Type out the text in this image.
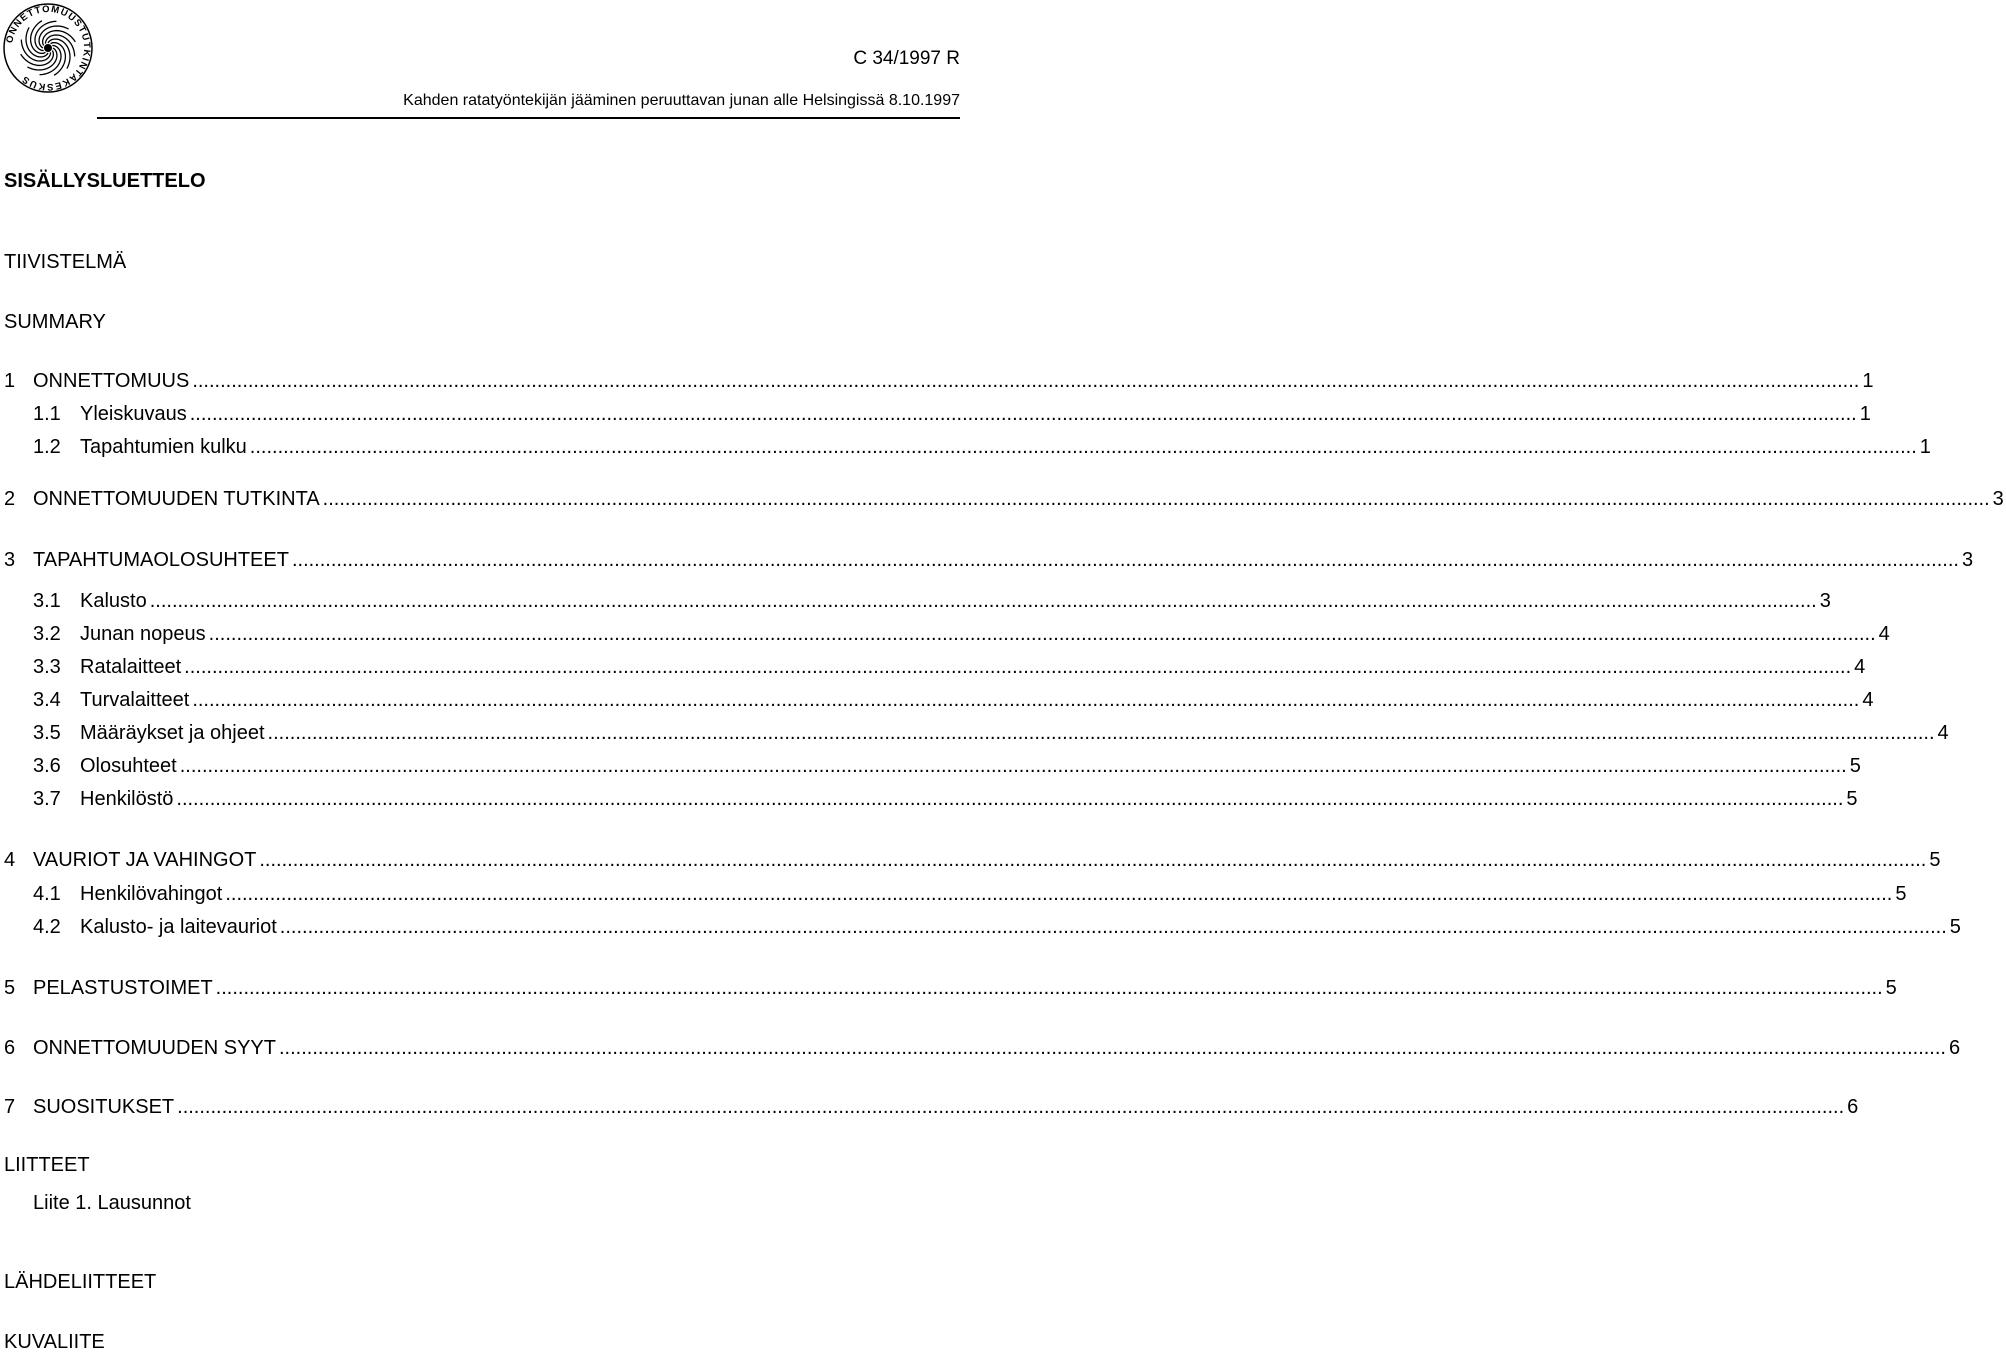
ONNETTOMUUSTUTKINTAKESKUS
C 34/1997 R
Kahden ratatyöntekijän jääminen peruuttavan junan alle Helsingissä 8.10.1997
SISÄLLYSLUETTELO
TIIVISTELMÄ
SUMMARY
1 ONNETTOMUUS ............................................................................................................................................................................................................................................................................................................ 1
1.1 Yleiskuvaus ............................................................................................................................................................................................................................................................................................................ 1
1.2 Tapahtumien kulku ............................................................................................................................................................................................................................................................................................................ 1
2 ONNETTOMUUDEN TUTKINTA ............................................................................................................................................................................................................................................................................................................ 3
3 TAPAHTUMAOLOSUHTEET ............................................................................................................................................................................................................................................................................................................ 3
3.1 Kalusto ............................................................................................................................................................................................................................................................................................................ 3
3.2 Junan nopeus ............................................................................................................................................................................................................................................................................................................ 4
3.3 Ratalaitteet ............................................................................................................................................................................................................................................................................................................ 4
3.4 Turvalaitteet ............................................................................................................................................................................................................................................................................................................ 4
3.5 Määräykset ja ohjeet ............................................................................................................................................................................................................................................................................................................ 4
3.6 Olosuhteet ............................................................................................................................................................................................................................................................................................................ 5
3.7 Henkilöstö ............................................................................................................................................................................................................................................................................................................ 5
4 VAURIOT JA VAHINGOT ............................................................................................................................................................................................................................................................................................................ 5
4.1 Henkilövahingot ............................................................................................................................................................................................................................................................................................................ 5
4.2 Kalusto- ja laitevauriot ............................................................................................................................................................................................................................................................................................................ 5
5 PELASTUSTOIMET ............................................................................................................................................................................................................................................................................................................ 5
6 ONNETTOMUUDEN SYYT ............................................................................................................................................................................................................................................................................................................ 6
7 SUOSITUKSET ............................................................................................................................................................................................................................................................................................................ 6
LIITTEET
Liite 1. Lausunnot
LÄHDELIITTEET
KUVALIITE
